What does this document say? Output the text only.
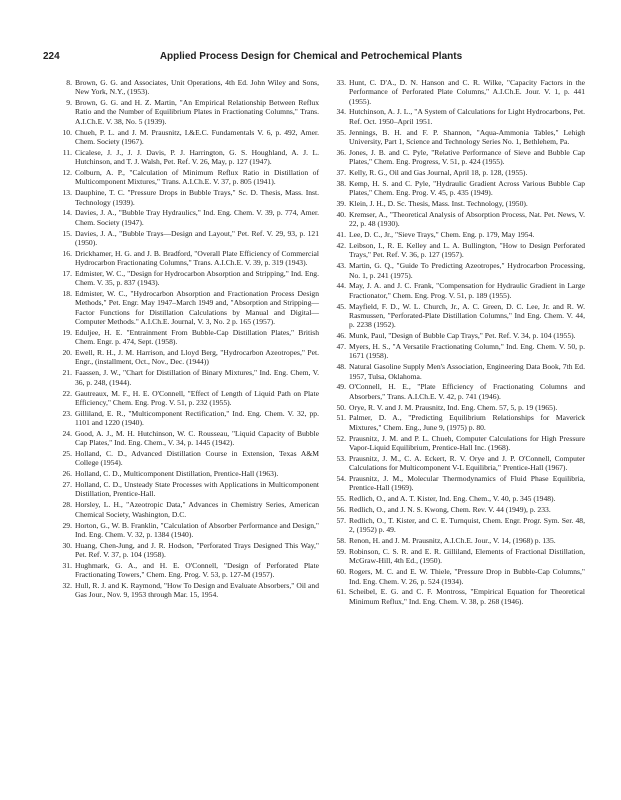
224	Applied Process Design for Chemical and Petrochemical Plants
8. Brown, G. G. and Associates, Unit Operations, 4th Ed. John Wiley and Sons, New York, N.Y., (1953).
9. Brown, G. G. and H. Z. Martin, "An Empirical Relationship Between Reflux Ratio and the Number of Equilibrium Plates in Fractionating Columns," Trans. A.I.Ch.E. V. 38, No. 5 (1939).
10. Chueh, P. L. and J. M. Prausnitz, I.&E.C. Fundamentals V. 6, p. 492, Amer. Chem. Society (1967).
11. Cicalese, J. J., J. J. Davis, P. J. Harrington, G. S. Houghland, A. J. L. Hutchinson, and T. J. Walsh, Pet. Ref. V. 26, May, p. 127 (1947).
12. Colburn, A. P., "Calculation of Minimum Reflux Ratio in Distillation of Multicomponent Mixtures," Trans. A.I.Ch.E. V. 37, p. 805 (1941).
13. Dauphine, T. C. "Pressure Drops in Bubble Trays," Sc. D. Thesis, Mass. Inst. Technology (1939).
14. Davies, J. A., "Bubble Tray Hydraulics," Ind. Eng. Chem. V. 39, p. 774, Amer. Chem. Society (1947).
15. Davies, J. A., "Bubble Trays—Design and Layout," Pet. Ref. V. 29, 93, p. 121 (1950).
16. Drickhamer, H. G. and J. B. Bradford, "Overall Plate Efficiency of Commercial Hydrocarbon Fractionating Columns," Trans. A.I.Ch.E. V. 39, p. 319 (1943).
17. Edmister, W. C., "Design for Hydrocarbon Absorption and Stripping," Ind. Eng. Chem. V. 35, p. 837 (1943).
18. Edmister, W. C., "Hydrocarbon Absorption and Fractionation Process Design Methods," Pet. Engr. May 1947–March 1949 and, "Absorption and Stripping—Factor Functions for Distillation Calculations by Manual and Digital—Computer Methods." A.I.Ch.E. Journal, V. 3, No. 2 p. 165 (1957).
19. Eduljee, H. E. "Entrainment From Bubble-Cap Distillation Plates," British Chem. Engr. p. 474, Sept. (1958).
20. Ewell, R. H., J. M. Harrison, and Lloyd Berg, "Hydrocarbon Azeotropes," Pet. Engr., (installment, Oct., Nov., Dec. (1944))
21. Faassen, J. W., "Chart for Distillation of Binary Mixtures," Ind. Eng. Chem, V. 36, p. 248, (1944).
22. Gautreaux, M. F., H. E. O'Connell, "Effect of Length of Liquid Path on Plate Efficiency," Chem. Eng. Prog. V. 51, p. 232 (1955).
23. Gilliland, E. R., "Multicomponent Rectification," Ind. Eng. Chem. V. 32, pp. 1101 and 1220 (1940).
24. Good, A. J., M. H. Hutchinson, W. C. Rousseau, "Liquid Capacity of Bubble Cap Plates," Ind. Eng. Chem., V. 34, p. 1445 (1942).
25. Holland, C. D., Advanced Distillation Course in Extension, Texas A&M College (1954).
26. Holland, C. D., Multicomponent Distillation, Prentice-Hall (1963).
27. Holland, C. D., Unsteady State Processes with Applications in Multicomponent Distillation, Prentice-Hall.
28. Horsley, L. H., "Azeotropic Data," Advances in Chemistry Series, American Chemical Society, Washington, D.C.
29. Horton, G., W. B. Franklin, "Calculation of Absorber Performance and Design," Ind. Eng. Chem. V. 32, p. 1384 (1940).
30. Huang, Chen-Jung, and J. R. Hodson, "Perforated Trays Designed This Way," Pet. Ref. V. 37, p. 104 (1958).
31. Hughmark, G. A., and H. E. O'Connell, "Design of Perforated Plate Fractionating Towers," Chem. Eng. Prog. V. 53, p. 127-M (1957).
32. Hull, R. J. and K. Raymond, "How To Design and Evaluate Absorbers," Oil and Gas Jour., Nov. 9, 1953 through Mar. 15, 1954.
33. Hunt, C. D'A., D. N. Hanson and C. R. Wilke, "Capacity Factors in the Performance of Perforated Plate Columns," A.I.Ch.E. Jour. V. 1, p. 441 (1955).
34. Hutchinson, A. J. L., "A System of Calculations for Light Hydrocarbons, Pet. Ref. Oct. 1950–April 1951.
35. Jennings, B. H. and F. P. Shannon, "Aqua-Ammonia Tables," Lehigh University, Part 1, Science and Technology Series No. 1, Bethlehem, Pa.
36. Jones, J. B. and C. Pyle, "Relative Performance of Sieve and Bubble Cap Plates," Chem. Eng. Progress, V. 51, p. 424 (1955).
37. Kelly, R. G., Oil and Gas Journal, April 18, p. 128, (1955).
38. Kemp, H. S. and C. Pyle, "Hydraulic Gradient Across Various Bubble Cap Plates," Chem. Eng. Prog. V. 45, p. 435 (1949).
39. Klein, J. H., D. Sc. Thesis, Mass. Inst. Technology, (1950).
40. Kremser, A., "Theoretical Analysis of Absorption Process, Nat. Pet. News, V. 22, p. 48 (1930).
41. Lee, D. C., Jr., "Sieve Trays," Chem. Eng. p. 179, May 1954.
42. Leibson, I., R. E. Kelley and L. A. Bullington, "How to Design Perforated Trays," Pet. Ref. V. 36, p. 127 (1957).
43. Martin, G. Q., "Guide To Predicting Azeotropes," Hydrocarbon Processing, No. 1, p. 241 (1975).
44. May, J. A. and J. C. Frank, "Compensation for Hydraulic Gradient in Large Fractionator," Chem. Eng. Prog. V. 51, p. 189 (1955).
45. Mayfield, F. D., W. L. Church, Jr., A. C. Green, D. C. Lee, Jr. and R. W. Rasmussen, "Perforated-Plate Distillation Columns," Ind Eng. Chem. V. 44, p. 2238 (1952).
46. Munk, Paul, "Design of Bubble Cap Trays," Pet. Ref. V. 34, p. 104 (1955).
47. Myers, H. S., "A Versatile Fractionating Column," Ind. Eng. Chem. V. 50, p. 1671 (1958).
48. Natural Gasoline Supply Men's Association, Engineering Data Book, 7th Ed. 1957, Tulsa, Oklahoma.
49. O'Connell, H. E., "Plate Efficiency of Fractionating Columns and Absorbers," Trans. A.I.Ch.E. V. 42, p. 741 (1946).
50. Orye, R. V. and J. M. Prausnitz, Ind. Eng. Chem. 57, 5, p. 19 (1965).
51. Palmer, D. A., "Predicting Equilibrium Relationships for Maverick Mixtures," Chem. Eng., June 9, (1975) p. 80.
52. Prausnitz, J. M. and P. L. Chueh, Computer Calculations for High Pressure Vapor-Liquid Equilibrium, Prentice-Hall Inc. (1968).
53. Prausnitz, J. M., C. A. Eckert, R. V. Orye and J. P. O'Connell, Computer Calculations for Multicomponent V-L Equilibria," Prentice-Hall (1967).
54. Prausnitz, J. M., Molecular Thermodynamics of Fluid Phase Equilibria, Prentice-Hall (1969).
55. Redlich, O., and A. T. Kister, Ind. Eng. Chem., V. 40, p. 345 (1948).
56. Redlich, O., and J. N. S. Kwong, Chem. Rev. V. 44 (1949), p. 233.
57. Redlich, O., T. Kister, and C. E. Turnquist, Chem. Engr. Progr. Sym. Ser. 48, 2, (1952) p. 49.
58. Renon, H. and J. M. Prausnitz, A.I.Ch.E. Jour., V. 14, (1968) p. 135.
59. Robinson, C. S. R. and E. R. Gilliland, Elements of Fractional Distillation, McGraw-Hill, 4th Ed., (1950).
60. Rogers, M. C. and E. W. Thiele, "Pressure Drop in Bubble-Cap Columns," Ind. Eng. Chem. V. 26, p. 524 (1934).
61. Scheibel, E. G. and C. F. Montross, "Empirical Equation for Theoretical Minimum Reflux," Ind. Eng. Chem. V. 38, p. 268 (1946).
